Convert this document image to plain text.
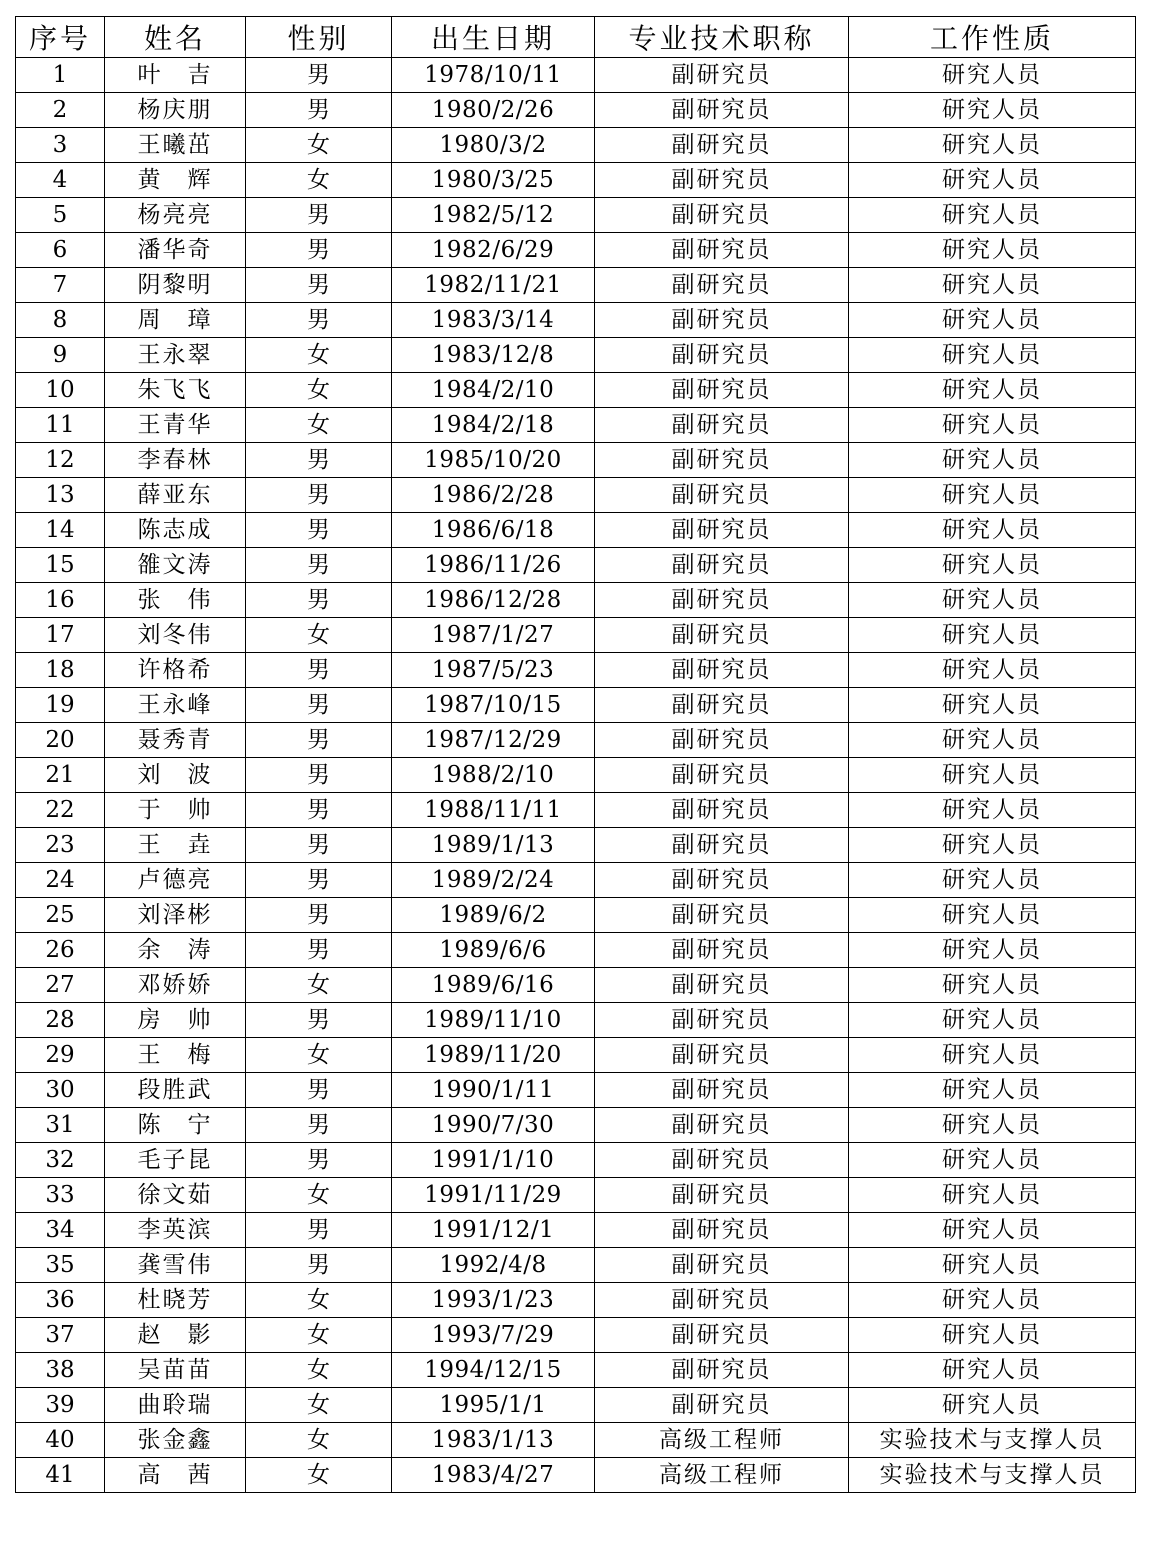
序号	姓名	性别	出生日期	专业技术职称	工作性质
1	叶　吉	男	1978/10/11	副研究员	研究人员
2	杨庆朋	男	1980/2/26	副研究员	研究人员
3	王曦茁	女	1980/3/2	副研究员	研究人员
4	黄　辉	女	1980/3/25	副研究员	研究人员
5	杨亮亮	男	1982/5/12	副研究员	研究人员
6	潘华奇	男	1982/6/29	副研究员	研究人员
7	阴黎明	男	1982/11/21	副研究员	研究人员
8	周　璋	男	1983/3/14	副研究员	研究人员
9	王永翠	女	1983/12/8	副研究员	研究人员
10	朱飞飞	女	1984/2/10	副研究员	研究人员
11	王青华	女	1984/2/18	副研究员	研究人员
12	李春林	男	1985/10/20	副研究员	研究人员
13	薛亚东	男	1986/2/28	副研究员	研究人员
14	陈志成	男	1986/6/18	副研究员	研究人员
15	雒文涛	男	1986/11/26	副研究员	研究人员
16	张　伟	男	1986/12/28	副研究员	研究人员
17	刘冬伟	女	1987/1/27	副研究员	研究人员
18	许格希	男	1987/5/23	副研究员	研究人员
19	王永峰	男	1987/10/15	副研究员	研究人员
20	聂秀青	男	1987/12/29	副研究员	研究人员
21	刘　波	男	1988/2/10	副研究员	研究人员
22	于　帅	男	1988/11/11	副研究员	研究人员
23	王　垚	男	1989/1/13	副研究员	研究人员
24	卢德亮	男	1989/2/24	副研究员	研究人员
25	刘泽彬	男	1989/6/2	副研究员	研究人员
26	余　涛	男	1989/6/6	副研究员	研究人员
27	邓娇娇	女	1989/6/16	副研究员	研究人员
28	房　帅	男	1989/11/10	副研究员	研究人员
29	王　梅	女	1989/11/20	副研究员	研究人员
30	段胜武	男	1990/1/11	副研究员	研究人员
31	陈　宁	男	1990/7/30	副研究员	研究人员
32	毛子昆	男	1991/1/10	副研究员	研究人员
33	徐文茹	女	1991/11/29	副研究员	研究人员
34	李英滨	男	1991/12/1	副研究员	研究人员
35	龚雪伟	男	1992/4/8	副研究员	研究人员
36	杜晓芳	女	1993/1/23	副研究员	研究人员
37	赵　影	女	1993/7/29	副研究员	研究人员
38	吴苗苗	女	1994/12/15	副研究员	研究人员
39	曲聆瑞	女	1995/1/1	副研究员	研究人员
40	张金鑫	女	1983/1/13	高级工程师	实验技术与支撑人员
41	高　茜	女	1983/4/27	高级工程师	实验技术与支撑人员
